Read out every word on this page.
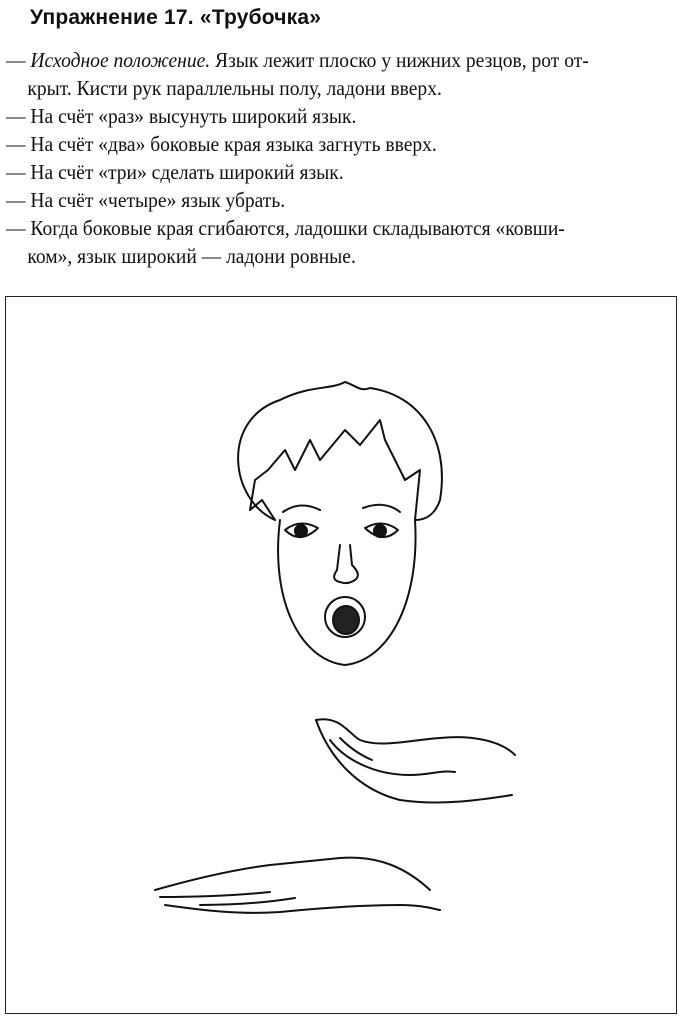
Упражнение 17. «Трубочка»
— Исходное положение. Язык лежит плоско у нижних резцов, рот от-
крыт. Кисти рук параллельны полу, ладони вверх.
— На счёт «раз» высунуть широкий язык.
— На счёт «два» боковые края языка загнуть вверх.
— На счёт «три» сделать широкий язык.
— На счёт «четыре» язык убрать.
— Когда боковые края сгибаются, ладошки складываются «ковши-
ком», язык широкий — ладони ровные.
